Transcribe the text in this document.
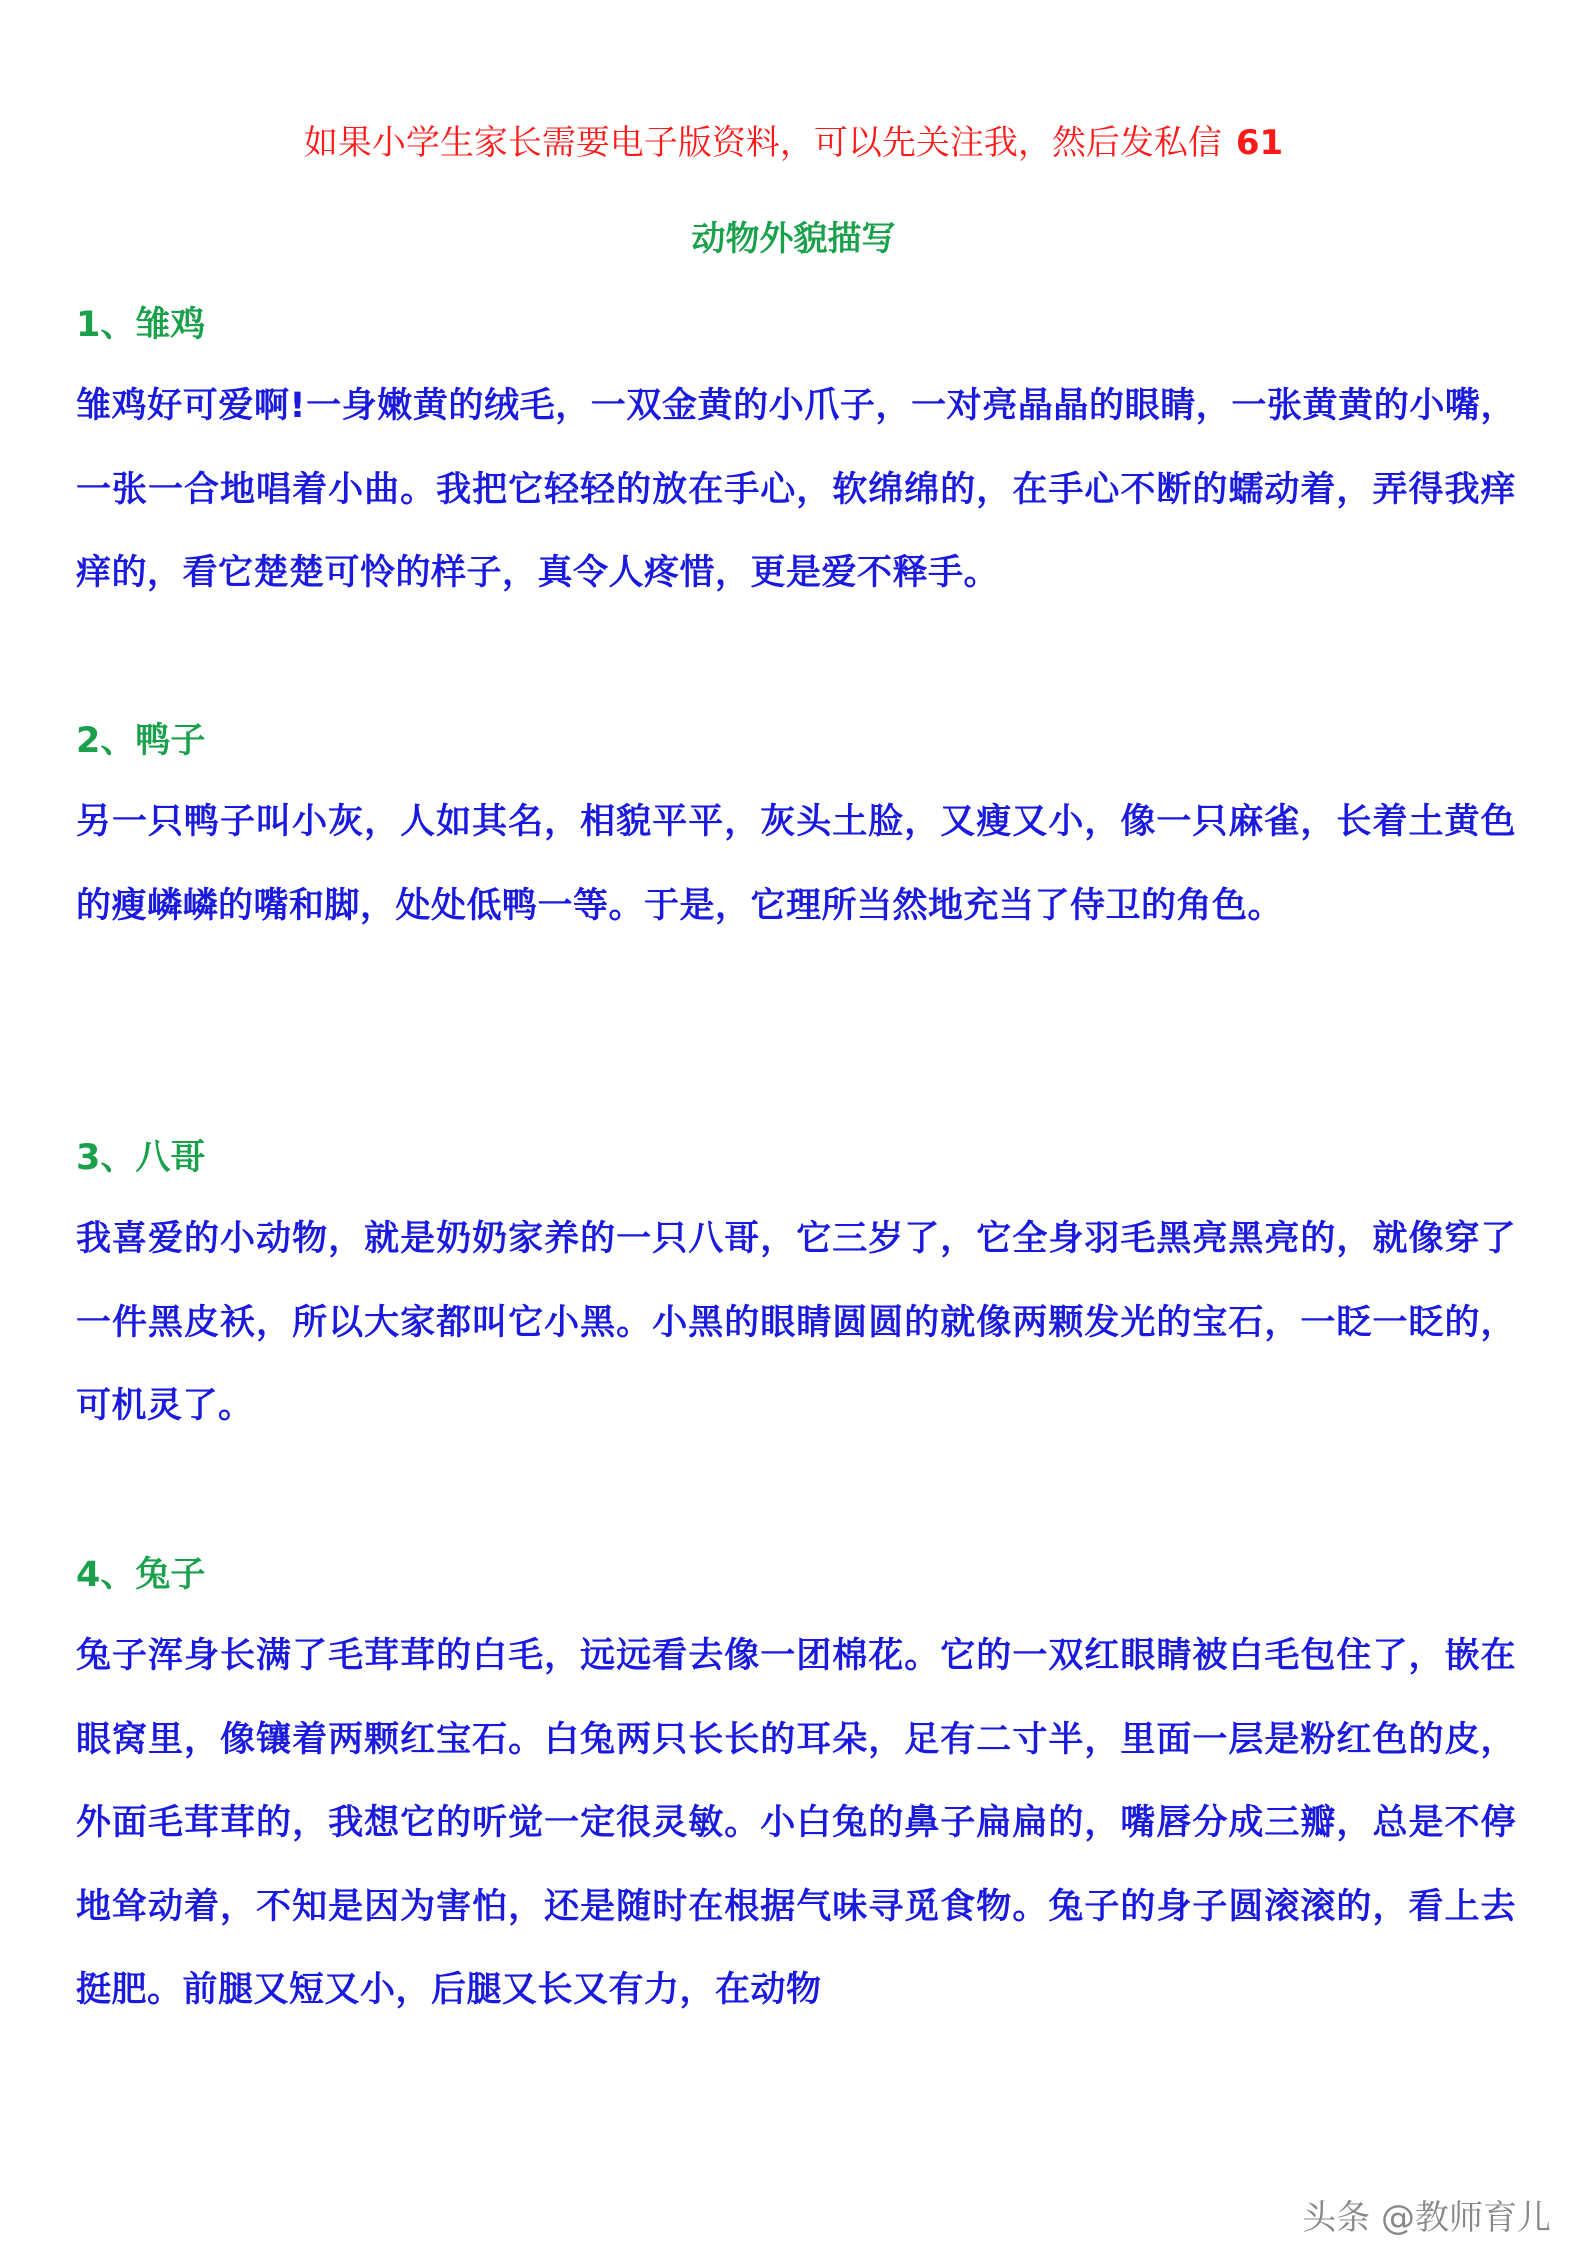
如果小学生家长需要电子版资料，可以先关注我，然后发私信 61
动物外貌描写
1、雏鸡

雏鸡好可爱啊!一身嫩黄的绒毛，一双金黄的小爪子，一对亮晶晶的眼睛，一张黄黄的小嘴，一张一合地唱着小曲。我把它轻轻的放在手心，软绵绵的，在手心不断的蠕动着，弄得我痒痒的，看它楚楚可怜的样子，真令人疼惜，更是爱不释手。

2、鸭子

另一只鸭子叫小灰，人如其名，相貌平平，灰头土脸，又瘦又小，像一只麻雀，长着土黄色的瘦嶙嶙的嘴和脚，处处低鸭一等。于是，它理所当然地充当了侍卫的角色。

3、八哥

我喜爱的小动物，就是奶奶家养的一只八哥，它三岁了，它全身羽毛黑亮黑亮的，就像穿了一件黑皮袄，所以大家都叫它小黑。小黑的眼睛圆圆的就像两颗发光的宝石，一眨一眨的，可机灵了。

4、兔子

兔子浑身长满了毛茸茸的白毛，远远看去像一团棉花。它的一双红眼睛被白毛包住了，嵌在眼窝里，像镶着两颗红宝石。白兔两只长长的耳朵，足有二寸半，里面一层是粉红色的皮，外面毛茸茸的，我想它的听觉一定很灵敏。小白兔的鼻子扁扁的，嘴唇分成三瓣，总是不停地耸动着，不知是因为害怕，还是随时在根据气味寻觅食物。兔子的身子圆滚滚的，看上去挺肥。前腿又短又小，后腿又长又有力，在动物

头条 @教师育儿
